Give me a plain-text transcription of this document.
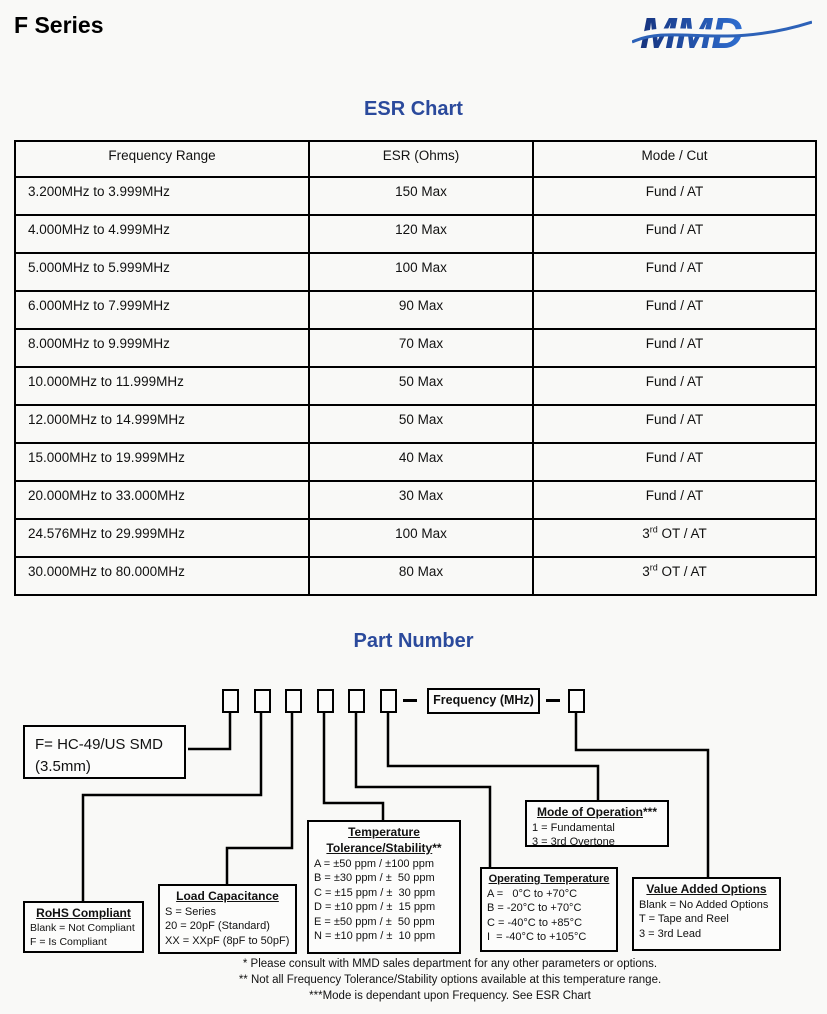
F Series	MMD
ESR Chart
Frequency Range	ESR (Ohms)	Mode / Cut
3.200MHz to 3.999MHz	150 Max	Fund / AT
4.000MHz to 4.999MHz	120 Max	Fund / AT
5.000MHz to 5.999MHz	100 Max	Fund / AT
6.000MHz to 7.999MHz	90 Max	Fund / AT
8.000MHz to 9.999MHz	70 Max	Fund / AT
10.000MHz to 11.999MHz	50 Max	Fund / AT
12.000MHz to 14.999MHz	50 Max	Fund / AT
15.000MHz to 19.999MHz	40 Max	Fund / AT
20.000MHz to 33.000MHz	30 Max	Fund / AT
24.576MHz to 29.999MHz	100 Max	3rd OT / AT
30.000MHz to 80.000MHz	80 Max	3rd OT / AT
Part Number
Frequency (MHz)
F= HC-49/US SMD
(3.5mm)
RoHS Compliant
Blank = Not Compliant
F = Is Compliant
Load Capacitance
S = Series
20 = 20pF (Standard)
XX = XXpF (8pF to 50pF)
Temperature
Tolerance/Stability**
A = ±50 ppm / ±100 ppm
B = ±30 ppm / ±  50 ppm
C = ±15 ppm / ±  30 ppm
D = ±10 ppm / ±  15 ppm
E = ±50 ppm / ±  50 ppm
N = ±10 ppm / ±  10 ppm
Mode of Operation***
1 = Fundamental
3 = 3rd Overtone
Operating Temperature
A =   0°C to +70°C
B = -20°C to +70°C
C = -40°C to +85°C
I  = -40°C to +105°C
Value Added Options
Blank = No Added Options
T = Tape and Reel
3 = 3rd Lead
* Please consult with MMD sales department for any other parameters or options.
** Not all Frequency Tolerance/Stability options available at this temperature range.
***Mode is dependant upon Frequency. See ESR Chart
